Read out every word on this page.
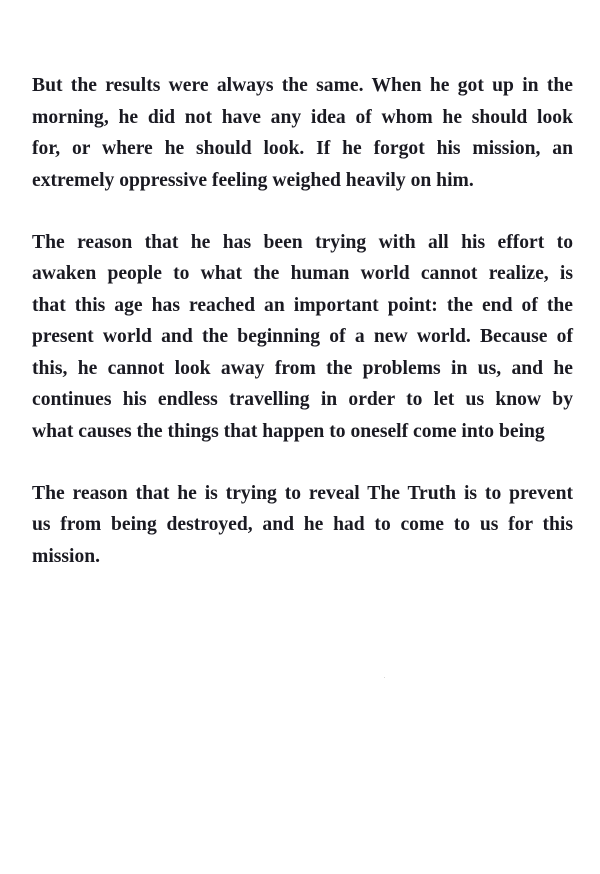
But the results were always the same. When he got up in the
morning, he did not have any idea of whom he should look
for, or where he should look. If he forgot his mission, an
extremely oppressive feeling weighed heavily on him.

The reason that he has been trying with all his effort to
awaken people to what the human world cannot realize, is
that this age has reached an important point: the end of the
present world and the beginning of a new world. Because of
this, he cannot look away from the problems in us, and he
continues his endless travelling in order to let us know by
what causes the things that happen to oneself come into being

The reason that he is trying to reveal The Truth is to prevent
us from being destroyed, and he had to come to us for this
mission.
